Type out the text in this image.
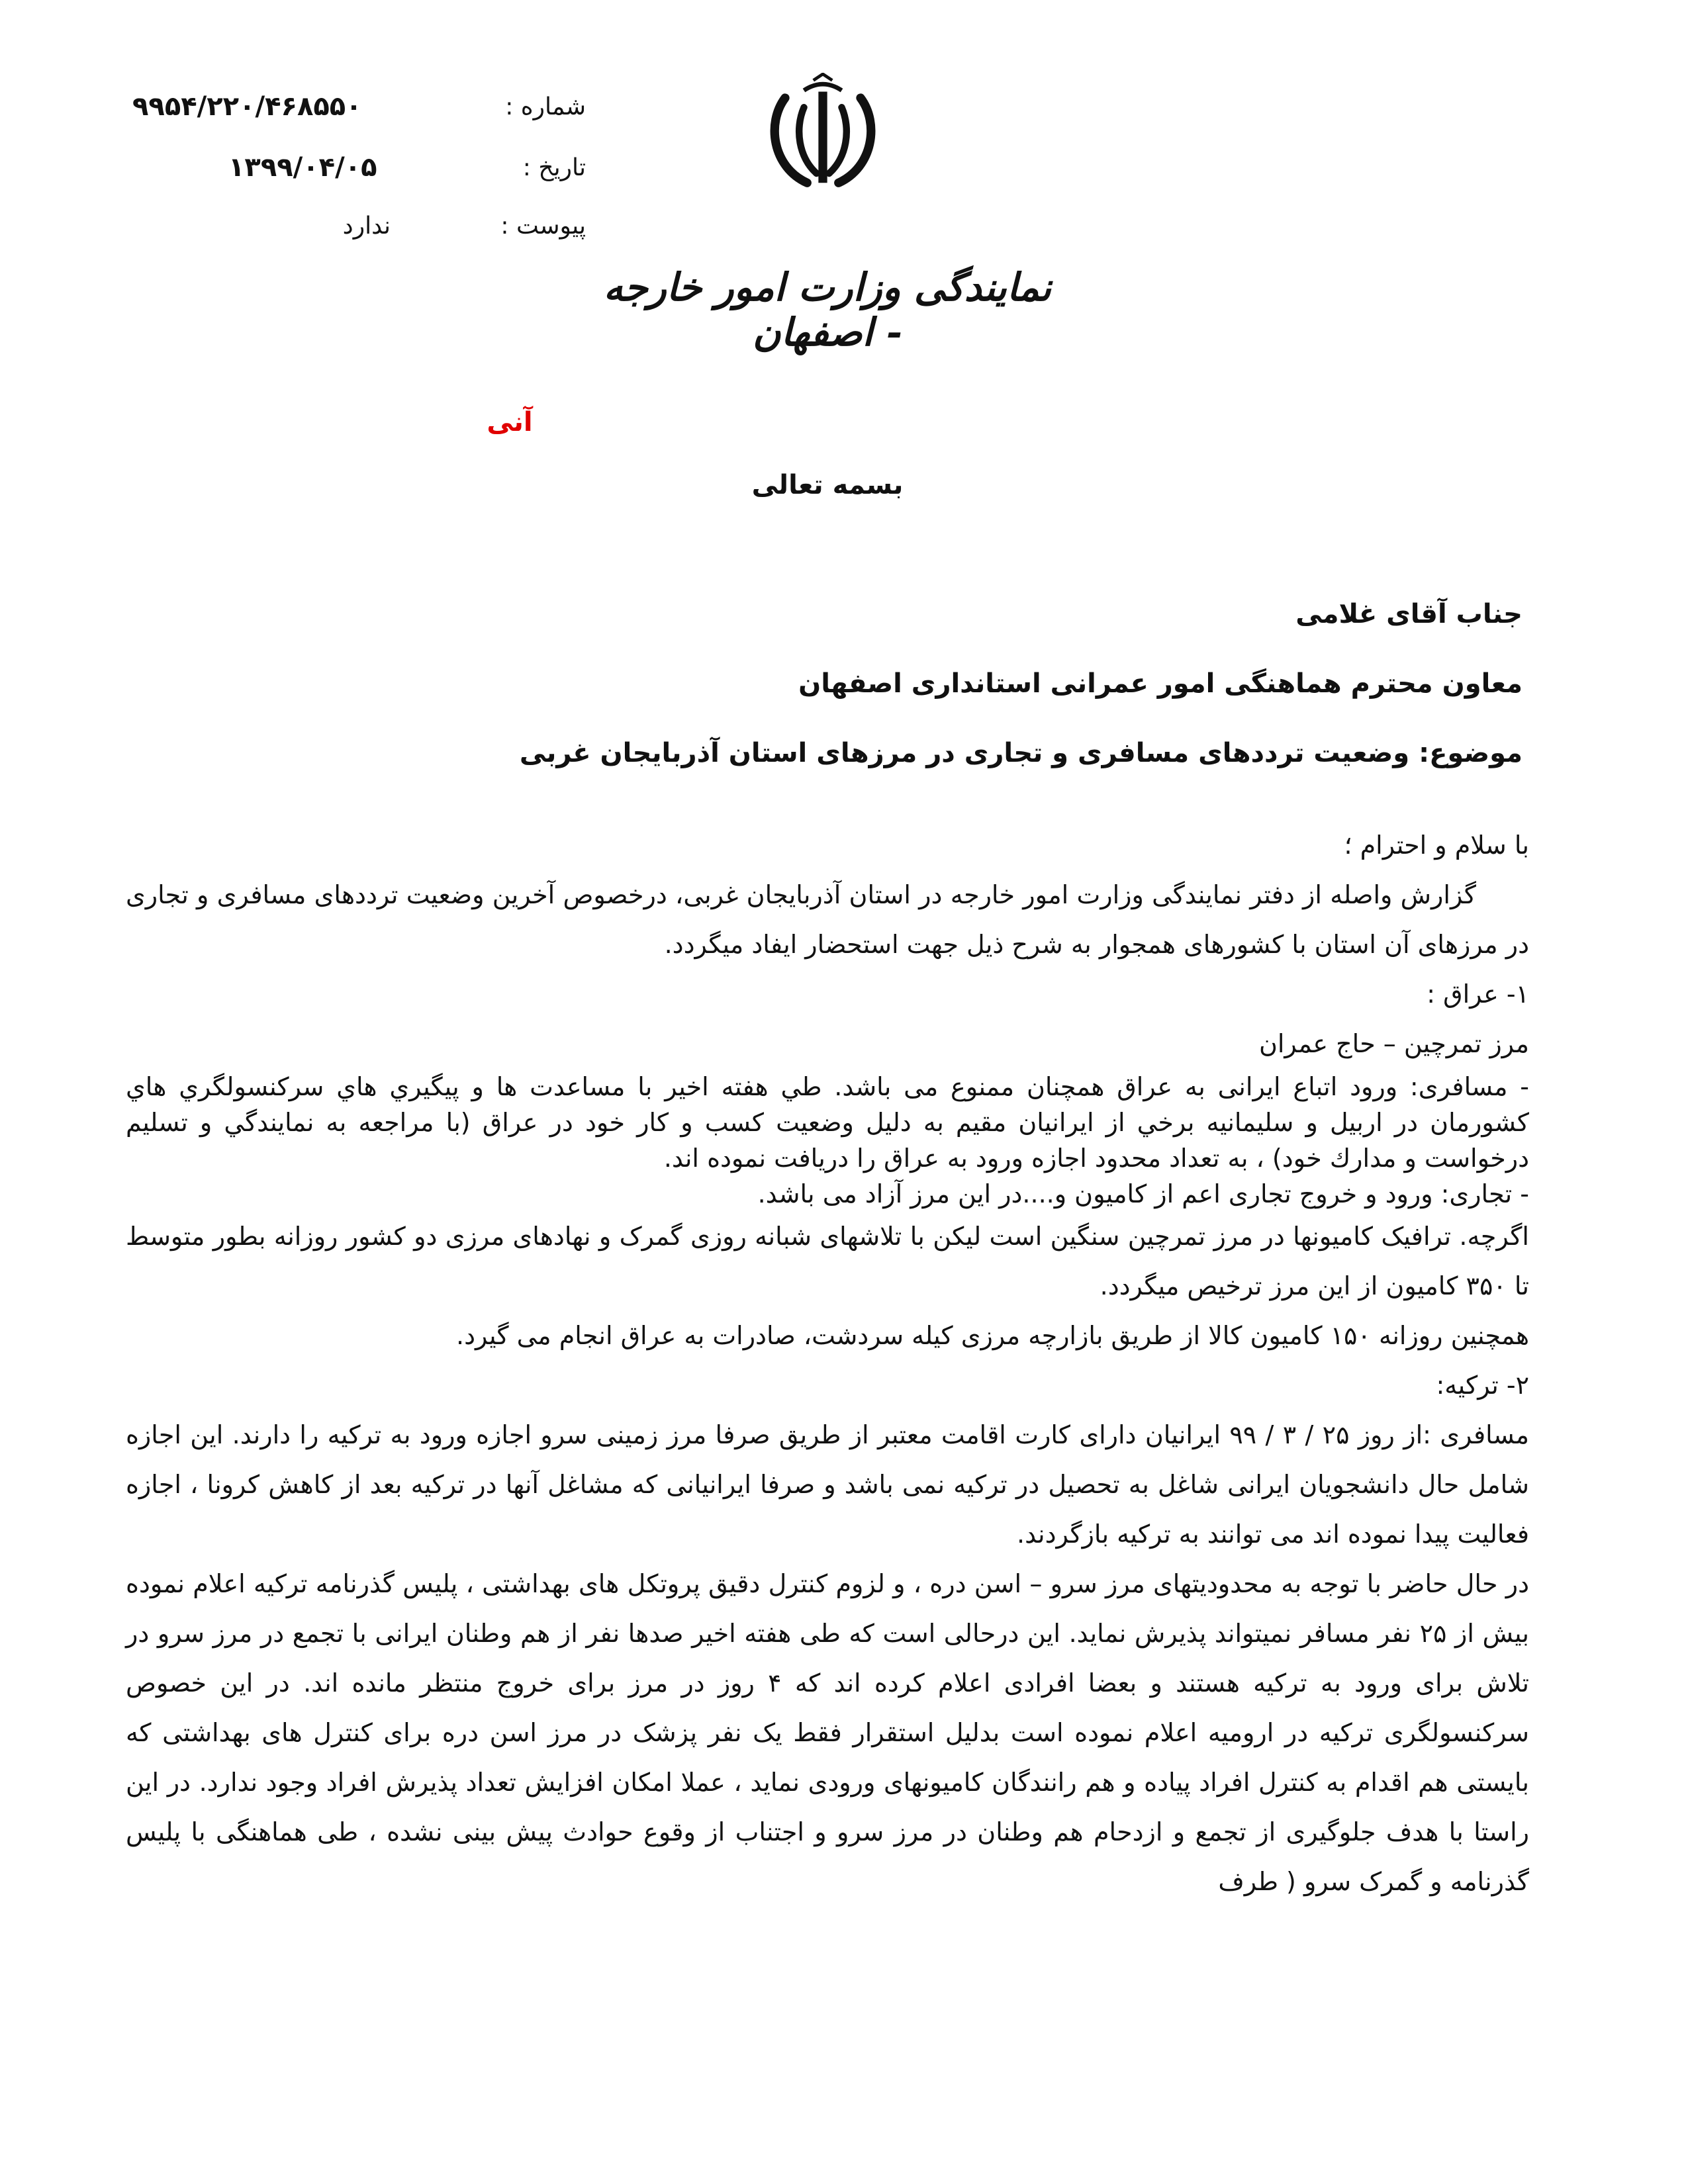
شماره :
۹۹۵۴/۲۲۰/۴۶۸۵۵۰
تاریخ :
۱۳۹۹/۰۴/۰۵
پیوست :
ندارد
نمایندگی وزارت امور خارجه - اصفهان
آنی
بسمه تعالی
جناب آقای غلامی
معاون محترم هماهنگی امور عمرانی استانداری اصفهان
موضوع: وضعیت ترددهای مسافری و تجاری در مرزهای استان آذربایجان غربی

با سلام و احترام ؛

گزارش واصله از دفتر نمایندگی وزارت امور خارجه در استان آذربایجان غربی، درخصوص آخرین وضعیت ترددهای مسافری و تجاری در مرزهای آن استان با کشورهای همجوار به شرح ذیل جهت استحضار ایفاد میگردد.

۱- عراق :

مرز تمرچین – حاج عمران

- مسافری: ورود اتباع ایرانی به عراق همچنان ممنوع می باشد. طي هفته اخير با مساعدت ها و پيگيري هاي سركنسولگري هاي كشورمان در اربيل و سليمانيه برخي از ايرانيان مقيم به دليل وضعيت كسب و كار خود در عراق (با مراجعه به نمايندگي و تسليم درخواست و مدارك خود) ، به تعداد محدود اجازه ورود به عراق را دريافت نموده اند.

- تجاری: ورود و خروج تجاری اعم از کامیون و....در این مرز آزاد می باشد.

اگرچه. ترافیک کامیونها در مرز تمرچین سنگین است لیکن با تلاشهای شبانه روزی گمرک و نهادهای مرزی دو کشور روزانه بطور متوسط تا ۳۵۰ کامیون از این مرز ترخیص میگردد.

همچنین روزانه ۱۵۰ کامیون کالا از طریق بازارچه مرزی کیله سردشت، صادرات به عراق انجام می گیرد.

۲- ترکیه:

مسافری :از روز ۲۵ / ۳ / ۹۹ ایرانیان دارای کارت اقامت معتبر از طریق صرفا مرز زمینی سرو اجازه ورود به ترکیه را دارند. این اجازه شامل حال دانشجویان ایرانی شاغل به تحصیل در ترکیه نمی باشد و صرفا ایرانیانی که مشاغل آنها در ترکیه بعد از کاهش کرونا ، اجازه فعالیت پیدا نموده اند می توانند به ترکیه بازگردند.

در حال حاضر با توجه به محدودیتهای مرز سرو – اسن دره ، و لزوم کنترل دقیق پروتکل های بهداشتی ، پلیس گذرنامه ترکیه اعلام نموده بیش از ۲۵ نفر مسافر نمیتواند پذیرش نماید. این درحالی است که طی هفته اخیر صدها نفر از هم وطنان ایرانی با تجمع در مرز سرو در تلاش برای ورود به ترکیه هستند و بعضا افرادی اعلام کرده اند که ۴ روز در مرز برای خروج منتظر مانده اند. در این خصوص سرکنسولگری ترکیه در ارومیه اعلام نموده است بدلیل استقرار فقط یک نفر پزشک در مرز اسن دره برای کنترل های بهداشتی که بایستی هم اقدام به کنترل افراد پیاده و هم رانندگان کامیونهای ورودی نماید ، عملا امکان افزایش تعداد پذیرش افراد وجود ندارد. در این راستا با هدف جلوگیری از تجمع و ازدحام هم وطنان در مرز سرو و اجتناب از وقوع حوادث پیش بینی نشده ، طی هماهنگی با پلیس گذرنامه و گمرک سرو ( طرف
